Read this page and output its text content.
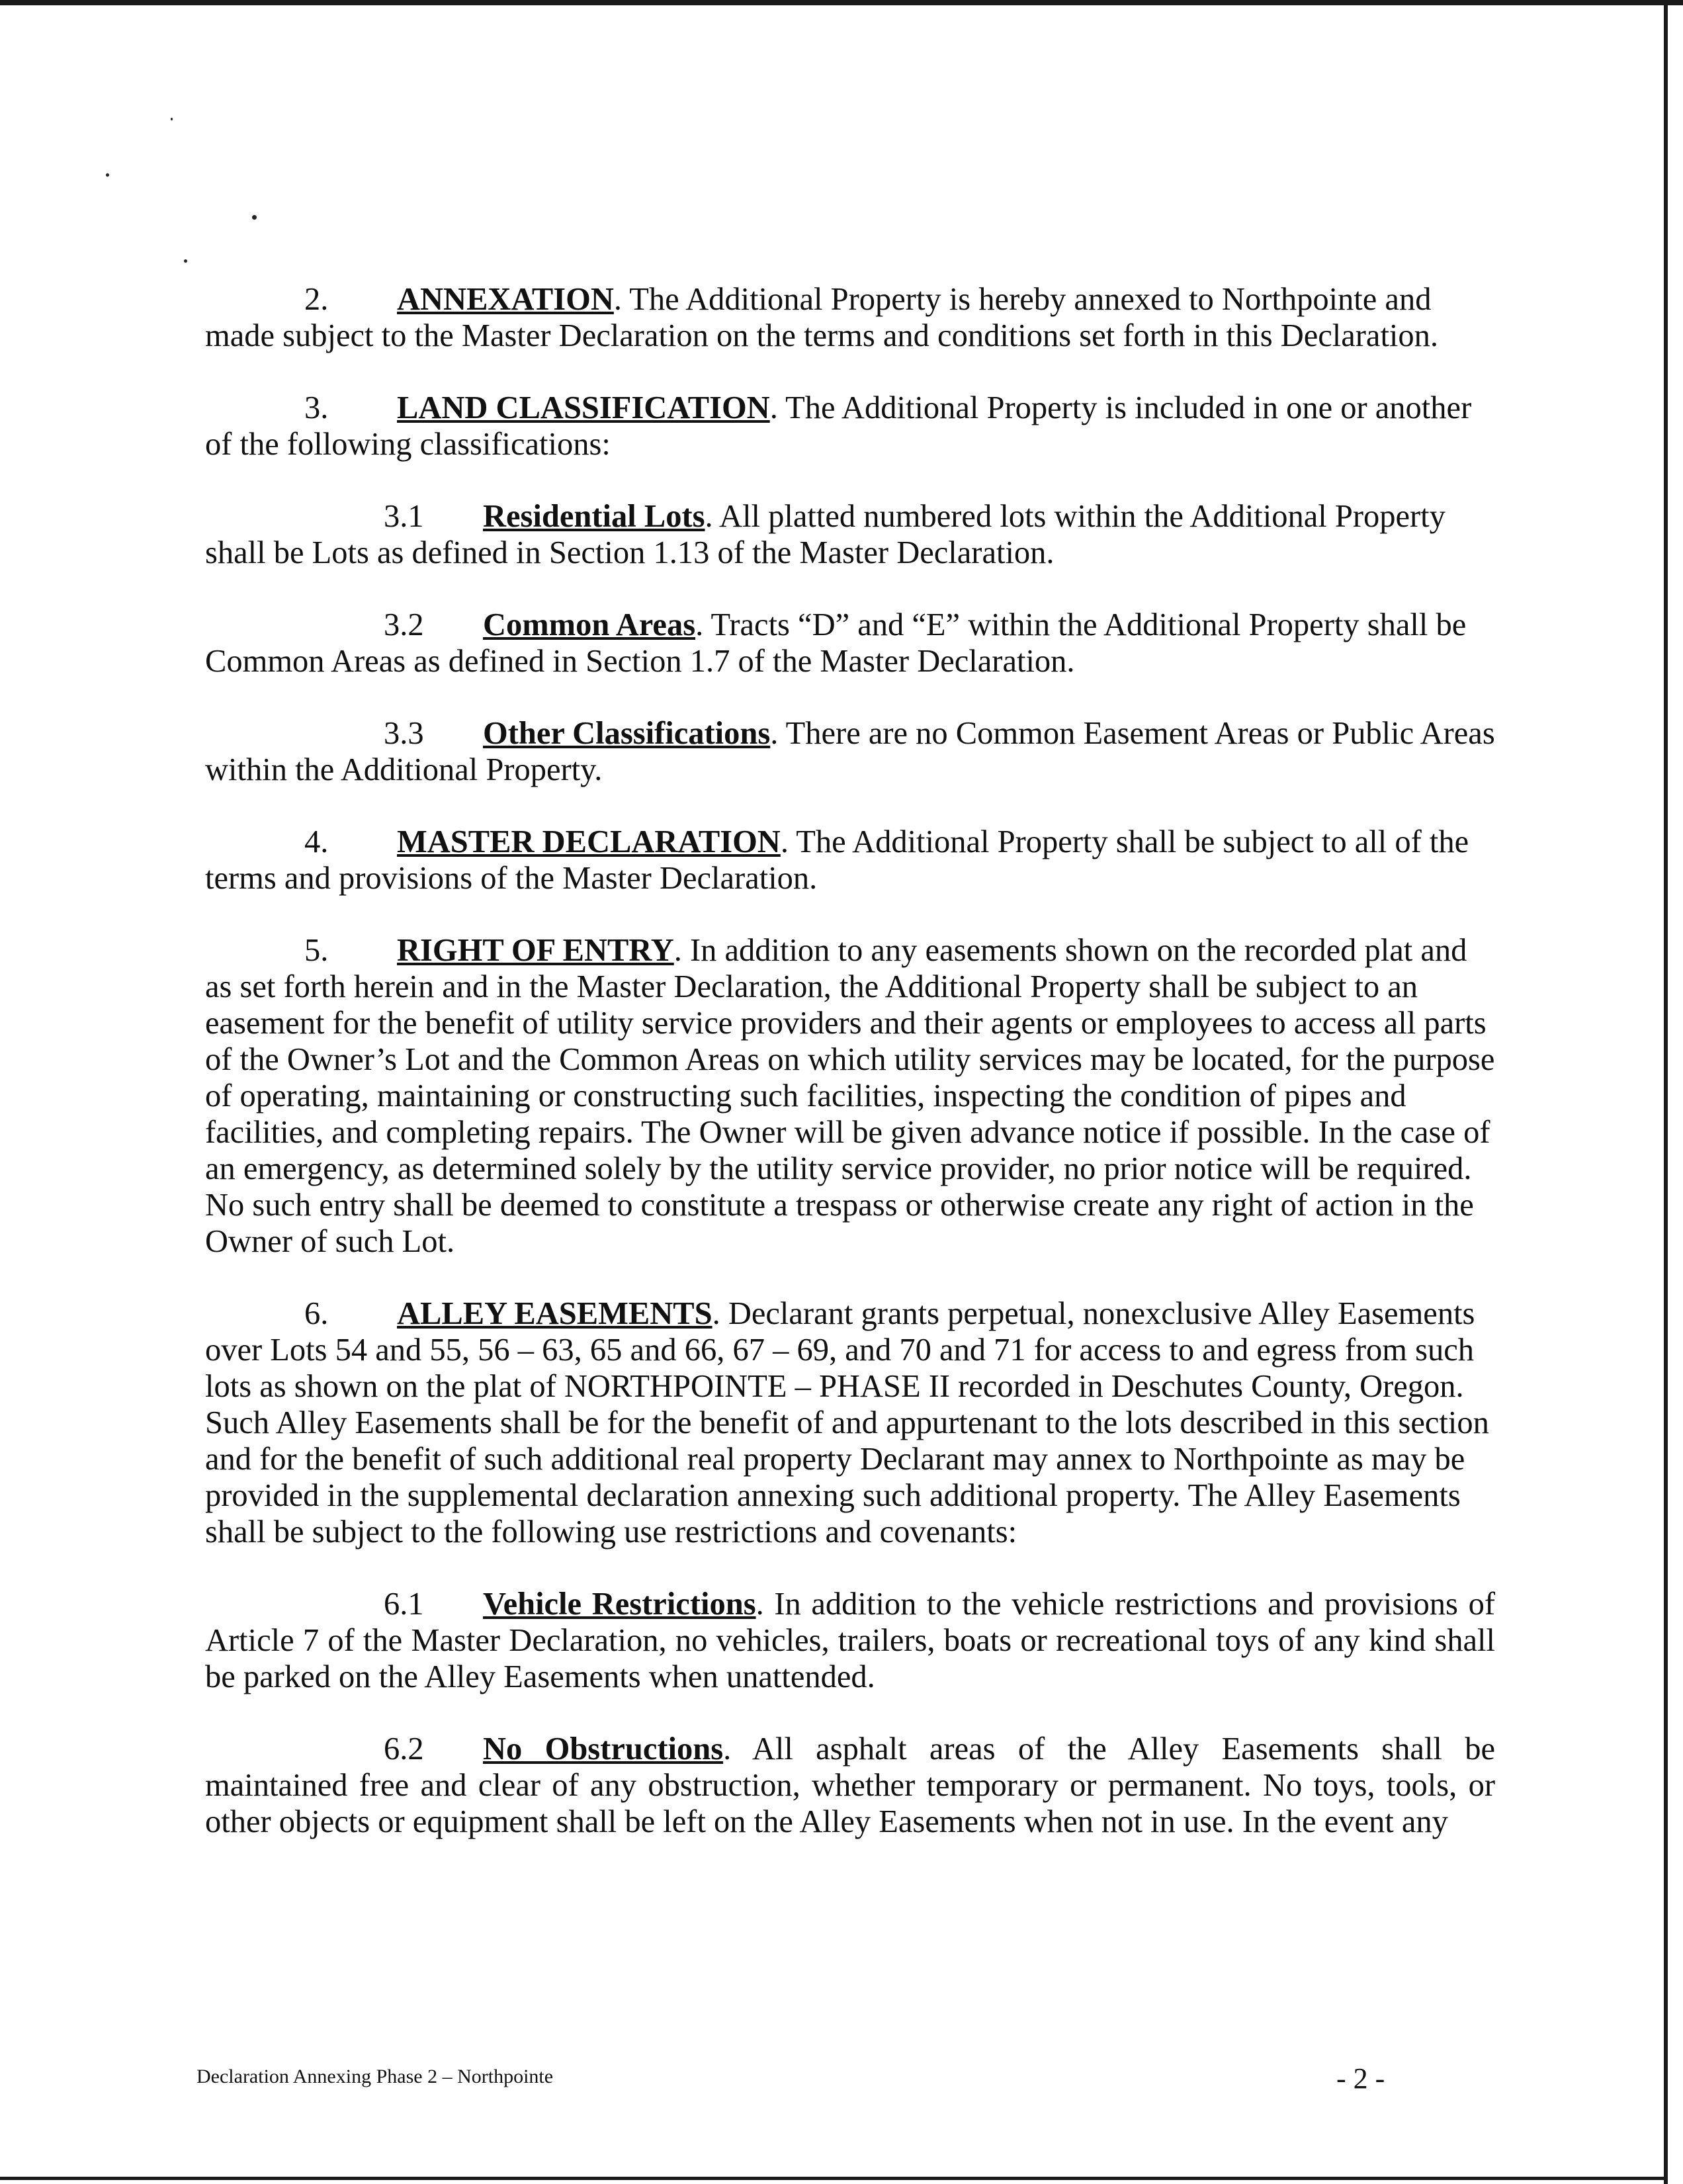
2. ANNEXATION. The Additional Property is hereby annexed to Northpointe and made subject to the Master Declaration on the terms and conditions set forth in this Declaration.

3. LAND CLASSIFICATION. The Additional Property is included in one or another of the following classifications:

3.1 Residential Lots. All platted numbered lots within the Additional Property shall be Lots as defined in Section 1.13 of the Master Declaration.

3.2 Common Areas. Tracts “D” and “E” within the Additional Property shall be Common Areas as defined in Section 1.7 of the Master Declaration.

3.3 Other Classifications. There are no Common Easement Areas or Public Areas within the Additional Property.

4. MASTER DECLARATION. The Additional Property shall be subject to all of the terms and provisions of the Master Declaration.

5. RIGHT OF ENTRY. In addition to any easements shown on the recorded plat and as set forth herein and in the Master Declaration, the Additional Property shall be subject to an easement for the benefit of utility service providers and their agents or employees to access all parts of the Owner’s Lot and the Common Areas on which utility services may be located, for the purpose of operating, maintaining or constructing such facilities, inspecting the condition of pipes and facilities, and completing repairs. The Owner will be given advance notice if possible. In the case of an emergency, as determined solely by the utility service provider, no prior notice will be required. No such entry shall be deemed to constitute a trespass or otherwise create any right of action in the Owner of such Lot.

6. ALLEY EASEMENTS. Declarant grants perpetual, nonexclusive Alley Easements over Lots 54 and 55, 56 – 63, 65 and 66, 67 – 69, and 70 and 71 for access to and egress from such lots as shown on the plat of NORTHPOINTE – PHASE II recorded in Deschutes County, Oregon. Such Alley Easements shall be for the benefit of and appurtenant to the lots described in this section and for the benefit of such additional real property Declarant may annex to Northpointe as may be provided in the supplemental declaration annexing such additional property. The Alley Easements shall be subject to the following use restrictions and covenants:

6.1 Vehicle Restrictions. In addition to the vehicle restrictions and provisions of Article 7 of the Master Declaration, no vehicles, trailers, boats or recreational toys of any kind shall be parked on the Alley Easements when unattended.

6.2 No Obstructions. All asphalt areas of the Alley Easements shall be maintained free and clear of any obstruction, whether temporary or permanent. No toys, tools, or other objects or equipment shall be left on the Alley Easements when not in use. In the event any

Declaration Annexing Phase 2 – Northpointe	- 2 -
